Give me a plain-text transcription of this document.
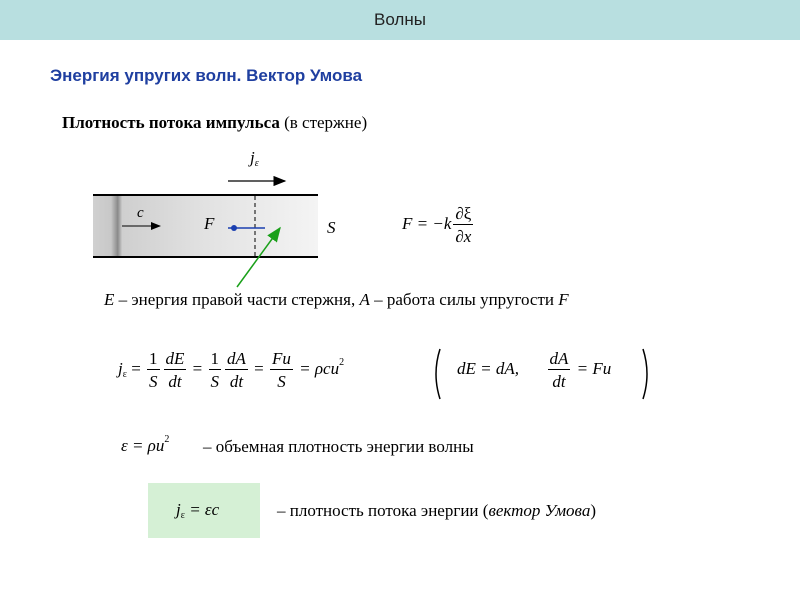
Волны
Энергия упругих волн. Вектор Умова
Плотность потока импульса (в стержне)
$j_\varepsilon$
c
F	S	$F = -k \frac{\partial\xi}{\partial x}$
E – энергия правой части стержня, A – работа силы упругости F
$j_\varepsilon = \frac{1}{S} \frac{dE}{dt} = \frac{1}{S} \frac{dA}{dt} = \frac{Fu}{S} = \rho cu^2$	dE = dA, $\frac{dA}{dt} = Fu$
$\varepsilon = \rho u^2$ – объемная плотность энергии волны
$j_\varepsilon = \varepsilon c$	– плотность потока энергии (вектор Умова)
